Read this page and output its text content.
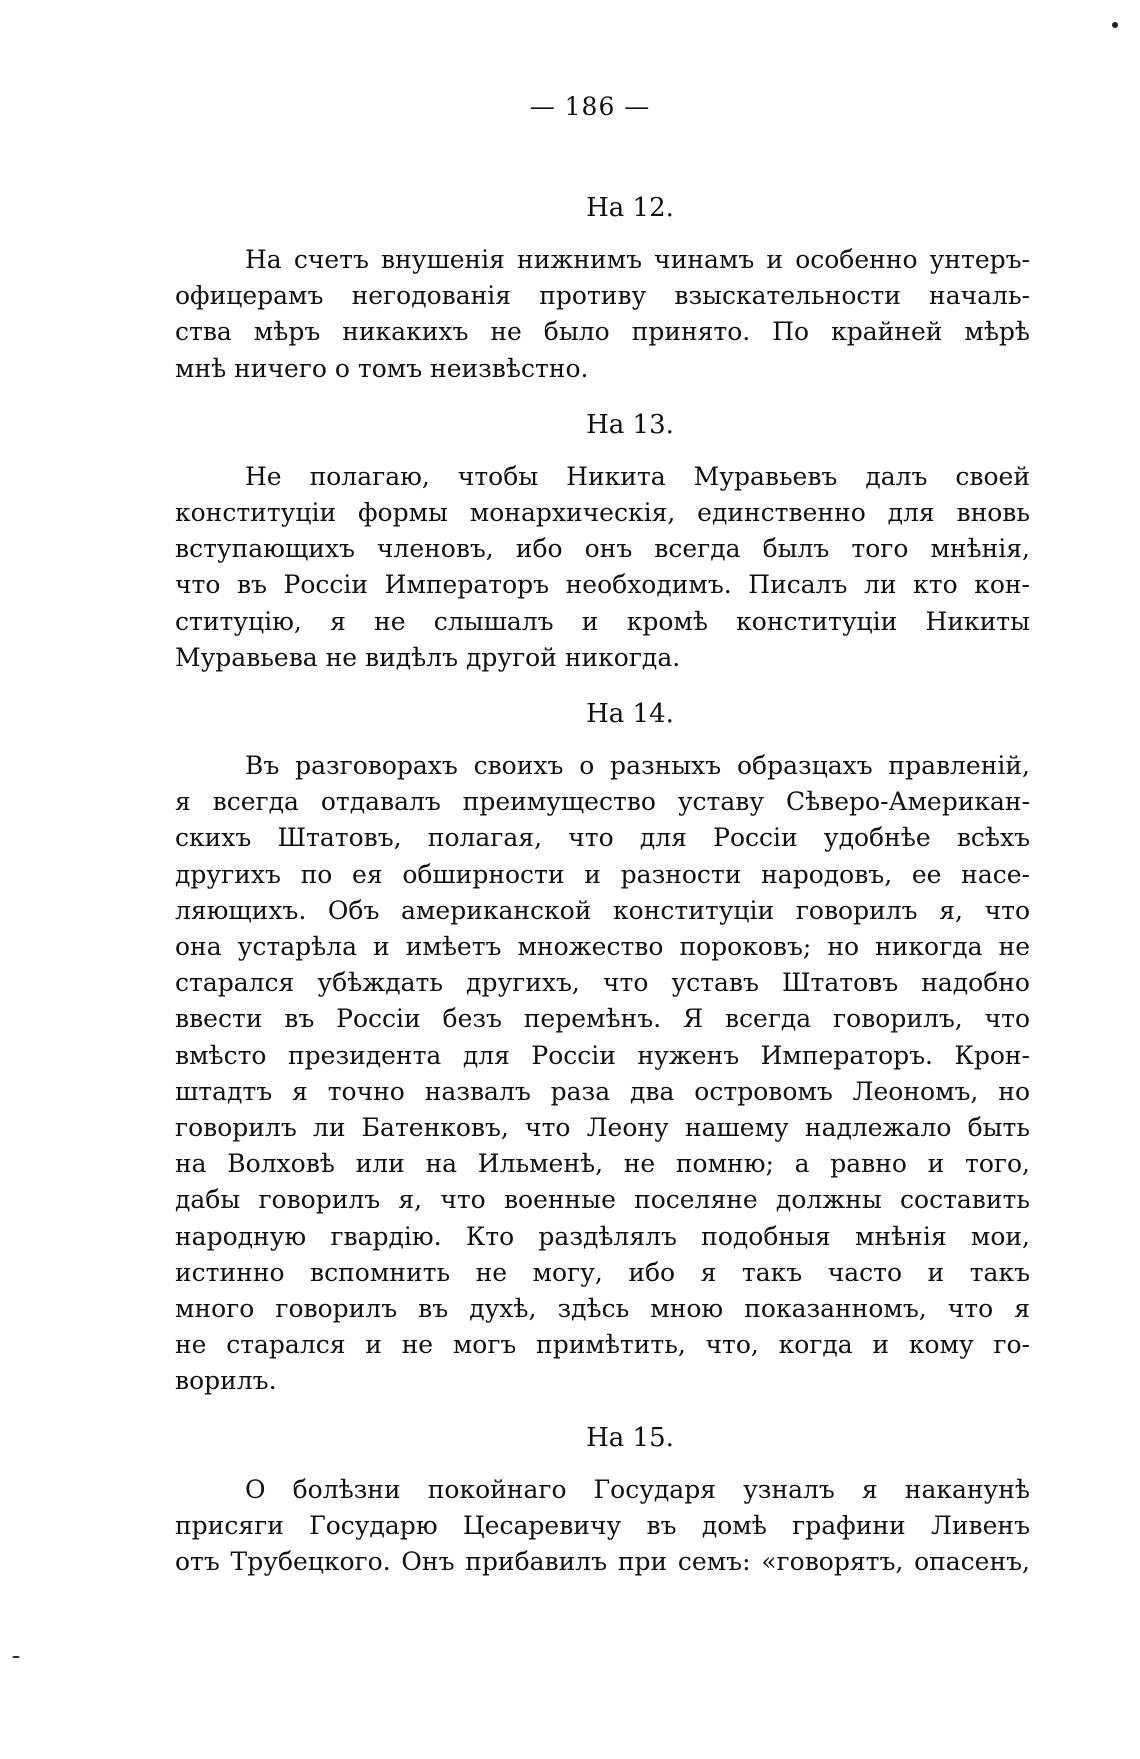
— 186 —
На 12.
На счетъ внушенія нижнимъ чинамъ и особенно унтеръ-
офицерамъ негодованія противу взыскательности началь-
ства мѣръ никакихъ не было принято. По крайней мѣрѣ
мнѣ ничего о томъ неизвѣстно.
На 13.
Не полагаю, чтобы Никита Муравьевъ далъ своей
конституціи формы монархическія, единственно для вновь
вступающихъ членовъ, ибо онъ всегда былъ того мнѣнія,
что въ Россіи Императоръ необходимъ. Писалъ ли кто кон-
ституцію, я не слышалъ и кромѣ конституціи Никиты
Муравьева не видѣлъ другой никогда.
На 14.
Въ разговорахъ своихъ о разныхъ образцахъ правленій,
я всегда отдавалъ преимущество уставу Сѣверо-Американ-
скихъ Штатовъ, полагая, что для Россіи удобнѣе всѣхъ
другихъ по ея обширности и разности народовъ, ее насе-
ляющихъ. Объ американской конституціи говорилъ я, что
она устарѣла и имѣетъ множество пороковъ; но никогда не
старался убѣждать другихъ, что уставъ Штатовъ надобно
ввести въ Россіи безъ перемѣнъ. Я всегда говорилъ, что
вмѣсто президента для Россіи нуженъ Императоръ. Крон-
штадтъ я точно назвалъ раза два островомъ Леономъ, но
говорилъ ли Батенковъ, что Леону нашему надлежало быть
на Волховѣ или на Ильменѣ, не помню; а равно и того,
дабы говорилъ я, что военные поселяне должны составить
народную гвардію. Кто раздѣлялъ подобныя мнѣнія мои,
истинно вспомнить не могу, ибо я такъ часто и такъ
много говорилъ въ духѣ, здѣсь мною показанномъ, что я
не старался и не могъ примѣтить, что, когда и кому го-
ворилъ.
На 15.
О болѣзни покойнаго Государя узналъ я наканунѣ
присяги Государю Цесаревичу въ домѣ графини Ливенъ
отъ Трубецкого. Онъ прибавилъ при семъ: «говорятъ, опасенъ,
